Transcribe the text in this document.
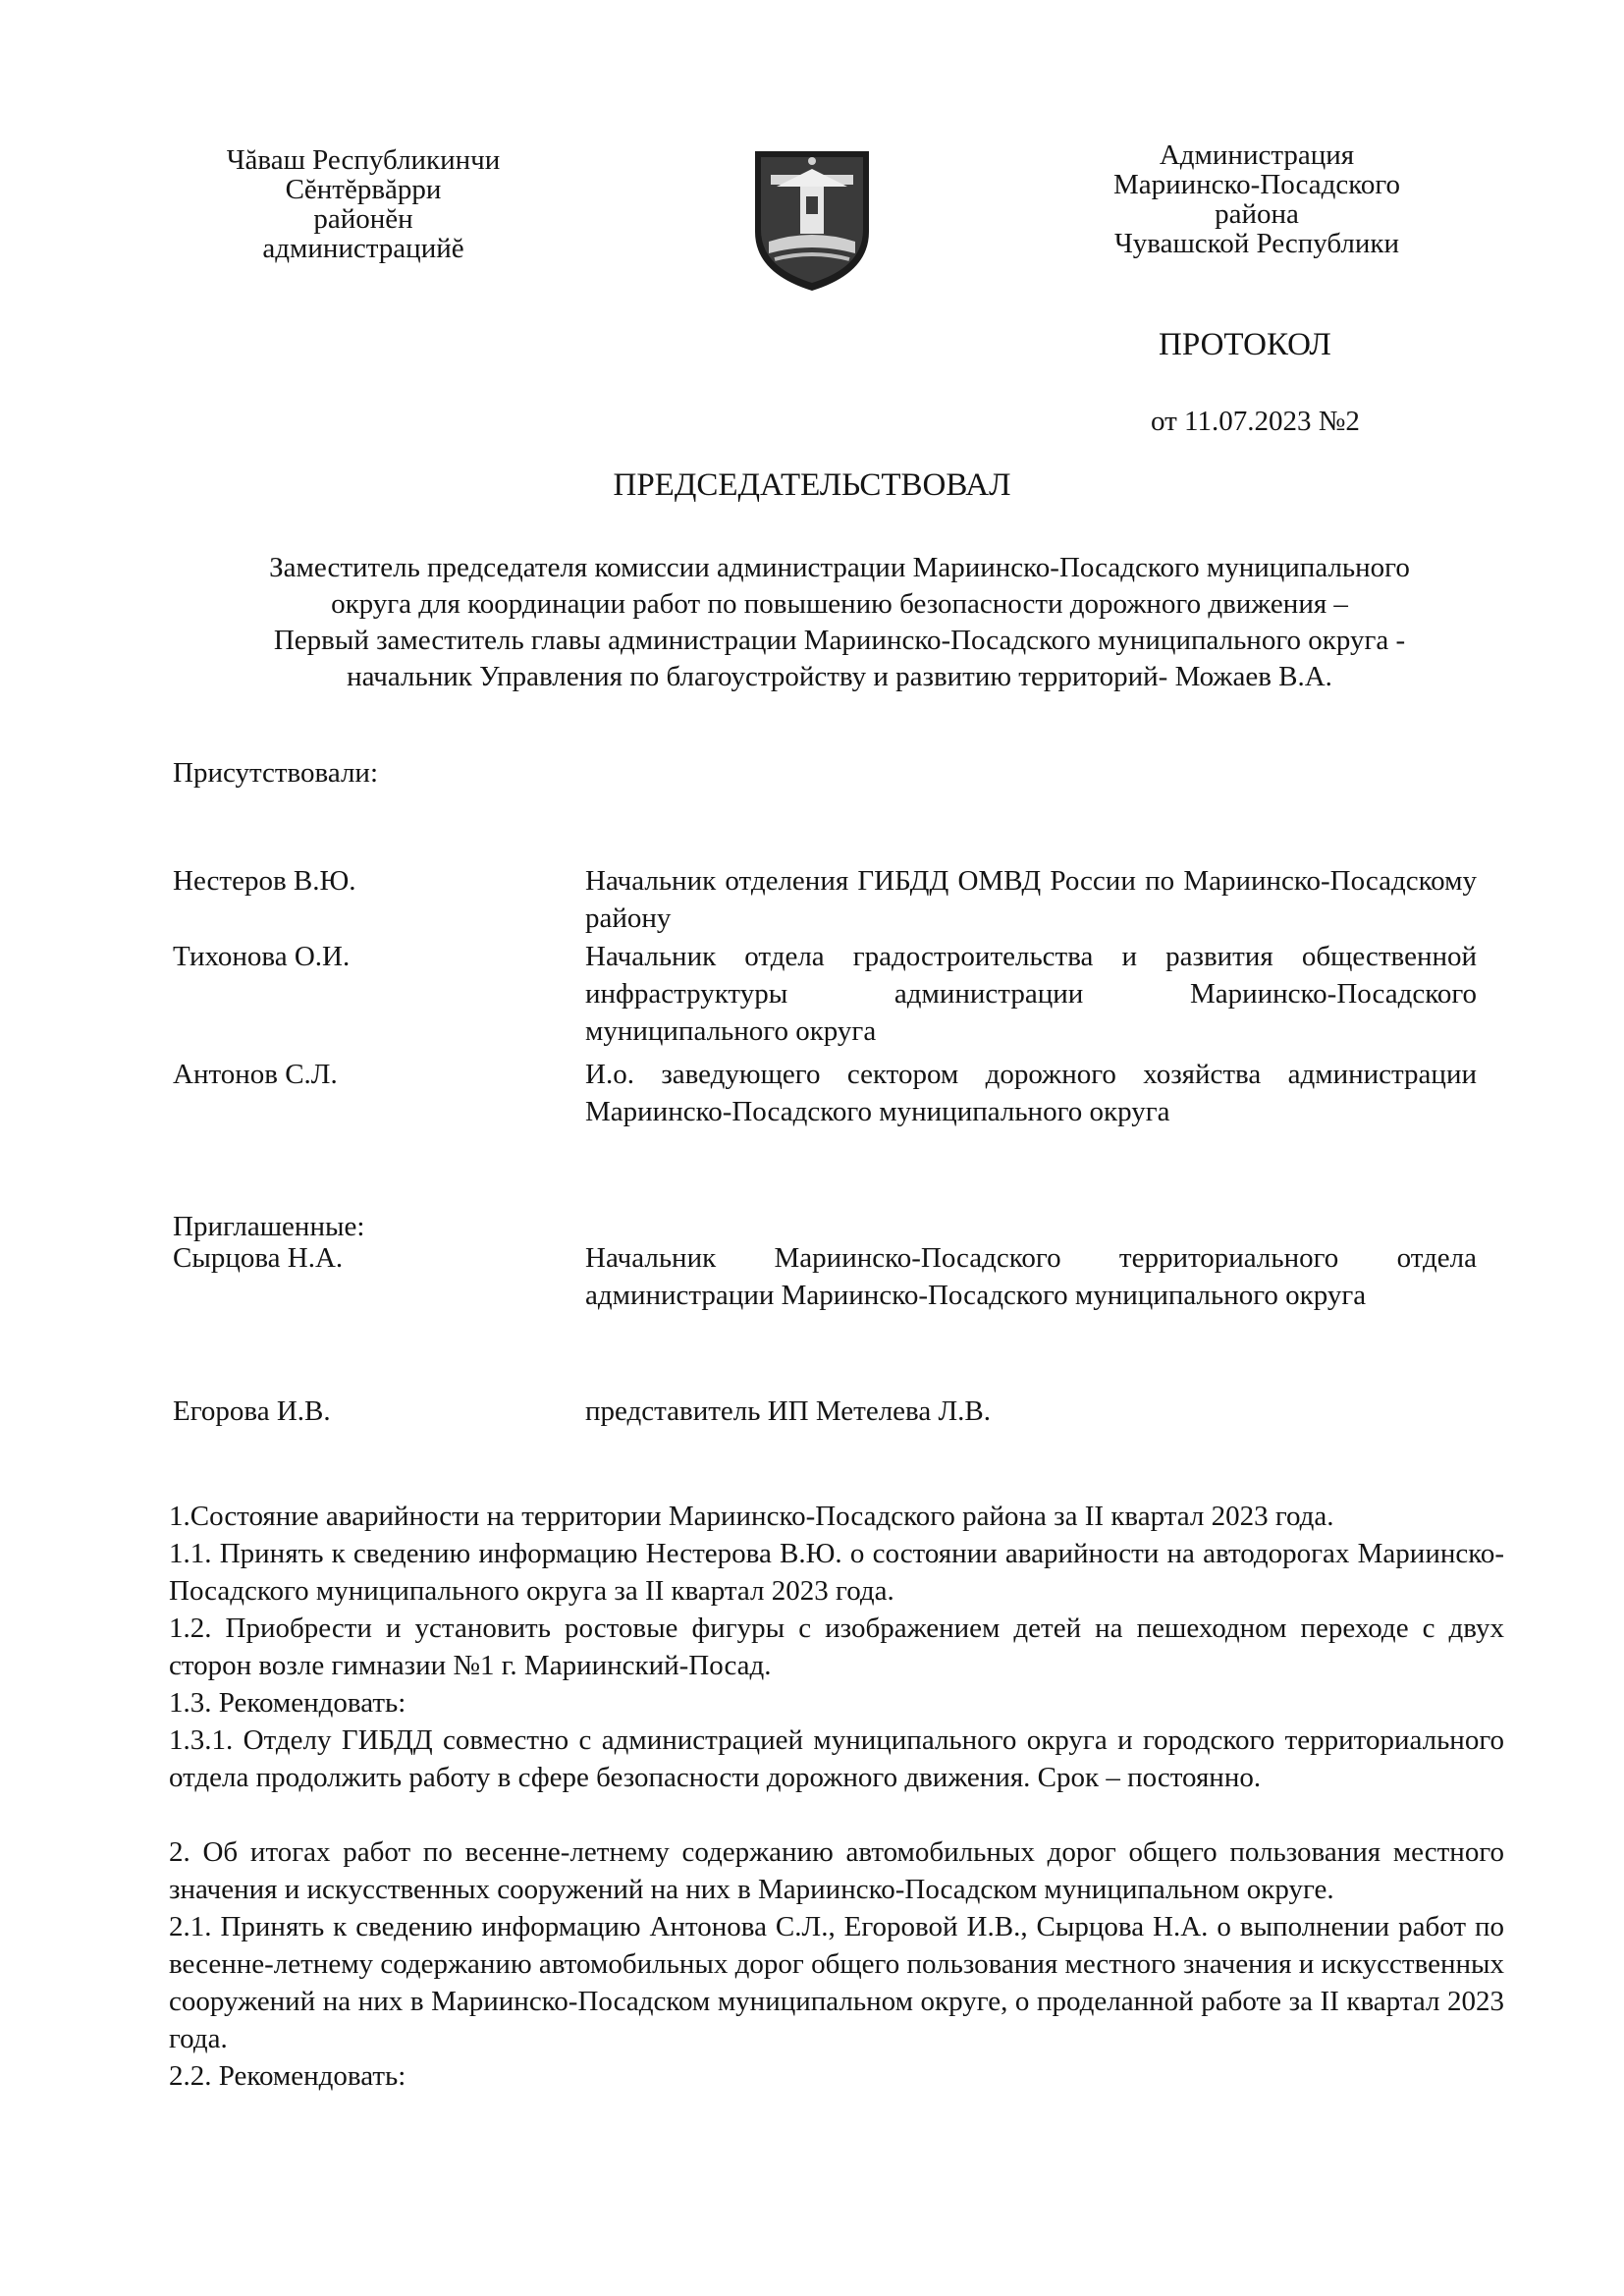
Чăваш Республикинчи
Сĕнтĕрвăрри
районĕн
администрацийĕ
Администрация
Мариинско-Посадского
района
Чувашской Республики
ПРОТОКОЛ
от 11.07.2023 №2
ПРЕДСЕДАТЕЛЬСТВОВАЛ
Заместитель председателя комиссии администрации Мариинско-Посадского муниципального
округа для координации работ по повышению безопасности дорожного движения –
Первый заместитель главы администрации Мариинско-Посадского муниципального округа -
начальник Управления по благоустройству и развитию территорий- Можаев В.А.
Присутствовали:
Нестеров В.Ю.	Начальник отделения ГИБДД ОМВД России по Мариинско-Посадскому району
Тихонова О.И.	Начальник отдела градостроительства и развития общественной инфраструктуры администрации Мариинско-Посадского муниципального округа
Антонов С.Л.	И.о. заведующего сектором дорожного хозяйства администрации Мариинско-Посадского муниципального округа
Приглашенные:
Сырцова Н.А.	Начальник Мариинско-Посадского территориального отдела администрации Мариинско-Посадского муниципального округа
Егорова И.В.	представитель ИП Метелева Л.В.

1.Состояние аварийности на территории Мариинско-Посадского района за II квартал 2023 года.

1.1. Принять к сведению информацию Нестерова В.Ю. о состоянии аварийности на автодорогах Мариинско-Посадского муниципального округа за II квартал 2023 года.

1.2. Приобрести и установить ростовые фигуры с изображением детей на пешеходном переходе с двух сторон возле гимназии №1 г. Мариинский-Посад.

1.3. Рекомендовать:

1.3.1. Отделу ГИБДД совместно с администрацией муниципального округа и городского территориального отдела продолжить работу в сфере безопасности дорожного движения. Срок – постоянно.

2. Об итогах работ по весенне-летнему содержанию автомобильных дорог общего пользования местного значения и искусственных сооружений на них в Мариинско-Посадском муниципальном округе.

2.1. Принять к сведению информацию Антонова С.Л., Егоровой И.В., Сырцова Н.А. о выполнении работ по весенне-летнему содержанию автомобильных дорог общего пользования местного значения и искусственных сооружений на них в Мариинско-Посадском муниципальном округе, о проделанной работе за II квартал 2023 года.

2.2. Рекомендовать:
